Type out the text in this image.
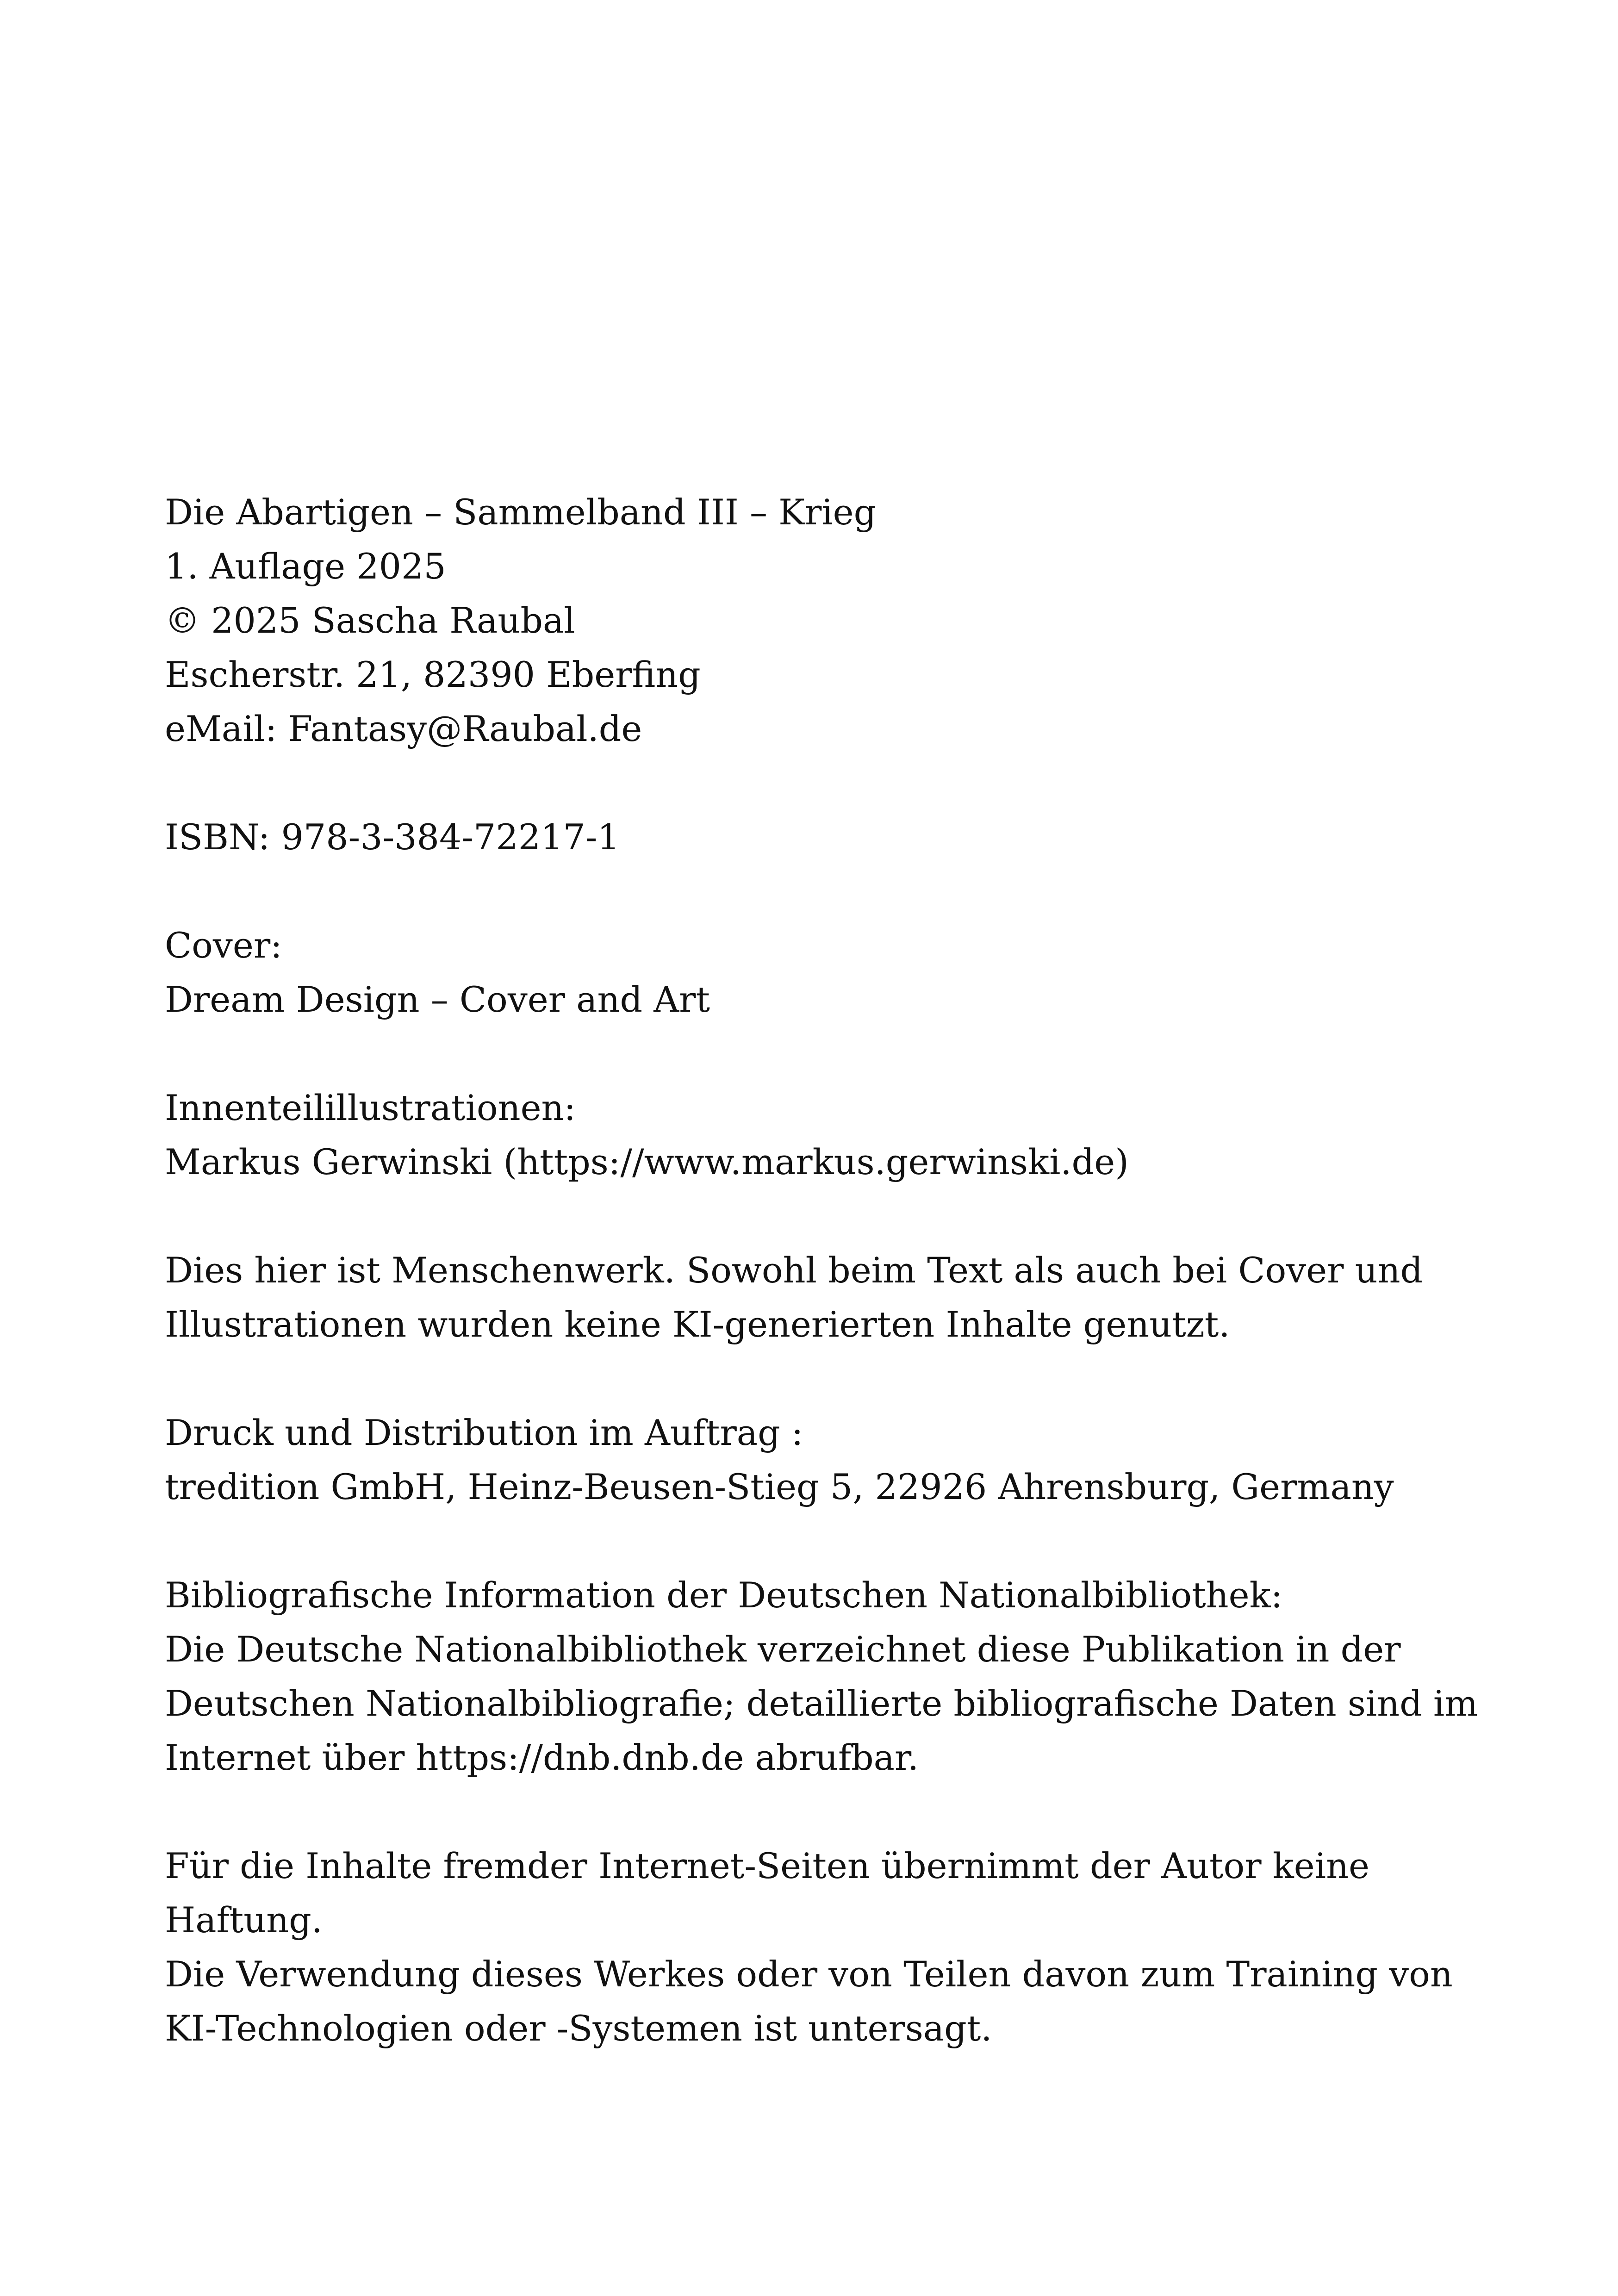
Die Abartigen – Sammelband III – Krieg
1. Auflage 2025
© 2025 Sascha Raubal
Escherstr. 21, 82390 Eberfing
eMail: Fantasy@Raubal.de
ISBN: 978-3-384-72217-1
Cover:
Dream Design – Cover and Art
Innenteilillustrationen:
Markus Gerwinski (https://www.markus.gerwinski.de)
Dies hier ist Menschenwerk. Sowohl beim Text als auch bei Cover und
Illustrationen wurden keine KI-generierten Inhalte genutzt.
Druck und Distribution im Auftrag :
tredition GmbH, Heinz-Beusen-Stieg 5, 22926 Ahrensburg, Germany
Bibliografische Information der Deutschen Nationalbibliothek:
Die Deutsche Nationalbibliothek verzeichnet diese Publikation in der
Deutschen Nationalbibliografie; detaillierte bibliografische Daten sind im
Internet über https://dnb.dnb.de abrufbar.
Für die Inhalte fremder Internet-Seiten übernimmt der Autor keine
Haftung.
Die Verwendung dieses Werkes oder von Teilen davon zum Training von
KI-Technologien oder -Systemen ist untersagt.
